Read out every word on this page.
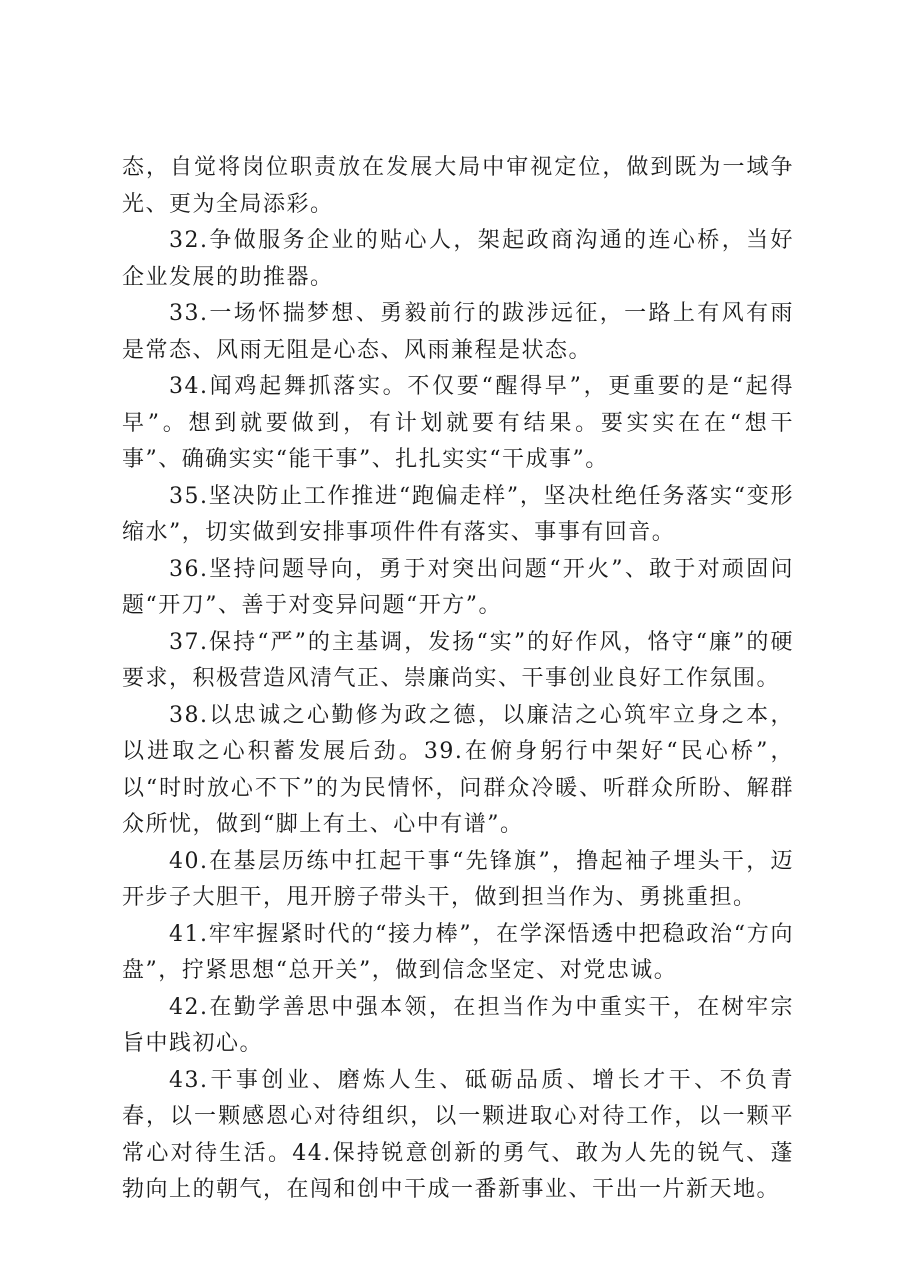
态，自觉将岗位职责放在发展大局中审视定位，做到既为一域争光、更为全局添彩。

32.争做服务企业的贴心人，架起政商沟通的连心桥，当好企业发展的助推器。

33.一场怀揣梦想、勇毅前行的跋涉远征，一路上有风有雨是常态、风雨无阻是心态、风雨兼程是状态。

34.闻鸡起舞抓落实。不仅要“醒得早”，更重要的是“起得早”。想到就要做到，有计划就要有结果。要实实在在“想干事”、确确实实“能干事”、扎扎实实“干成事”。

35.坚决防止工作推进“跑偏走样”，坚决杜绝任务落实“变形缩水”，切实做到安排事项件件有落实、事事有回音。

36.坚持问题导向，勇于对突出问题“开火”、敢于对顽固问题“开刀”、善于对变异问题“开方”。

37.保持“严”的主基调，发扬“实”的好作风，恪守“廉”的硬要求，积极营造风清气正、崇廉尚实、干事创业良好工作氛围。

38.以忠诚之心勤修为政之德，以廉洁之心筑牢立身之本，以进取之心积蓄发展后劲。39.在俯身躬行中架好“民心桥”，以“时时放心不下”的为民情怀，问群众冷暖、听群众所盼、解群众所忧，做到“脚上有土、心中有谱”。

40.在基层历练中扛起干事“先锋旗”，撸起袖子埋头干，迈开步子大胆干，甩开膀子带头干，做到担当作为、勇挑重担。

41.牢牢握紧时代的“接力棒”，在学深悟透中把稳政治“方向盘”，拧紧思想“总开关”，做到信念坚定、对党忠诚。

42.在勤学善思中强本领，在担当作为中重实干，在树牢宗旨中践初心。

43.干事创业、磨炼人生、砥砺品质、增长才干、不负青春，以一颗感恩心对待组织，以一颗进取心对待工作，以一颗平常心对待生活。44.保持锐意创新的勇气、敢为人先的锐气、蓬勃向上的朝气，在闯和创中干成一番新事业、干出一片新天地。
